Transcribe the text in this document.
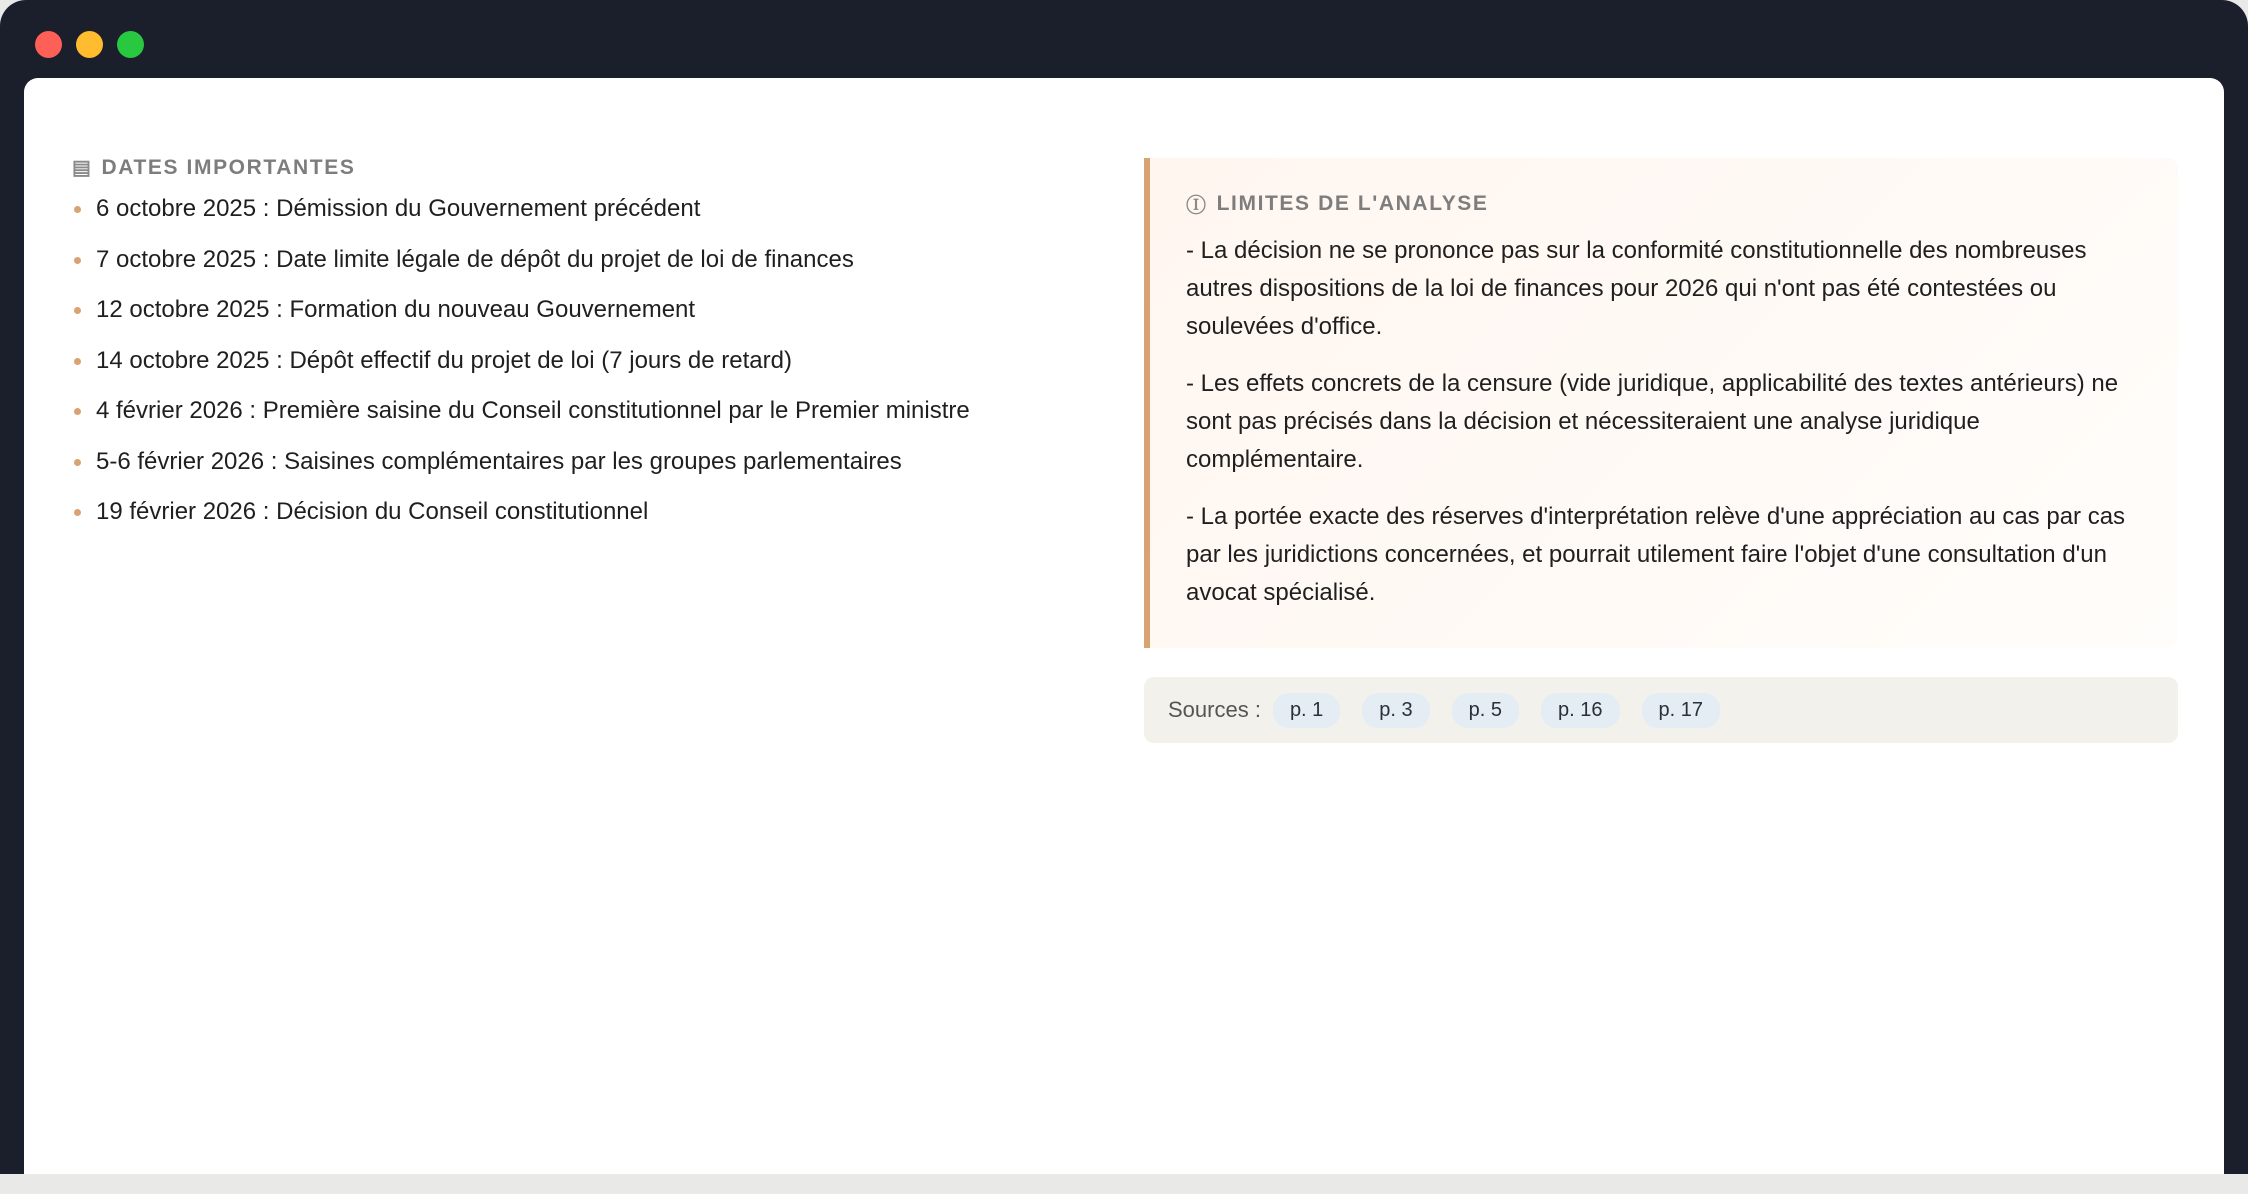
▤ DATES IMPORTANTES
6 octobre 2025 : Démission du Gouvernement précédent
7 octobre 2025 : Date limite légale de dépôt du projet de loi de finances
12 octobre 2025 : Formation du nouveau Gouvernement
14 octobre 2025 : Dépôt effectif du projet de loi (7 jours de retard)
4 février 2026 : Première saisine du Conseil constitutionnel par le Premier ministre
5-6 février 2026 : Saisines complémentaires par les groupes parlementaires
19 février 2026 : Décision du Conseil constitutionnel
Ⓘ LIMITES DE L'ANALYSE

- La décision ne se prononce pas sur la conformité constitutionnelle des nombreuses autres dispositions de la loi de finances pour 2026 qui n'ont pas été contestées ou soulevées d'office.

- Les effets concrets de la censure (vide juridique, applicabilité des textes antérieurs) ne sont pas précisés dans la décision et nécessiteraient une analyse juridique complémentaire.

- La portée exacte des réserves d'interprétation relève d'une appréciation au cas par cas par les juridictions concernées, et pourrait utilement faire l'objet d'une consultation d'un avocat spécialisé.

Sources :	p. 1	p. 3	p. 5	p. 16	p. 17
